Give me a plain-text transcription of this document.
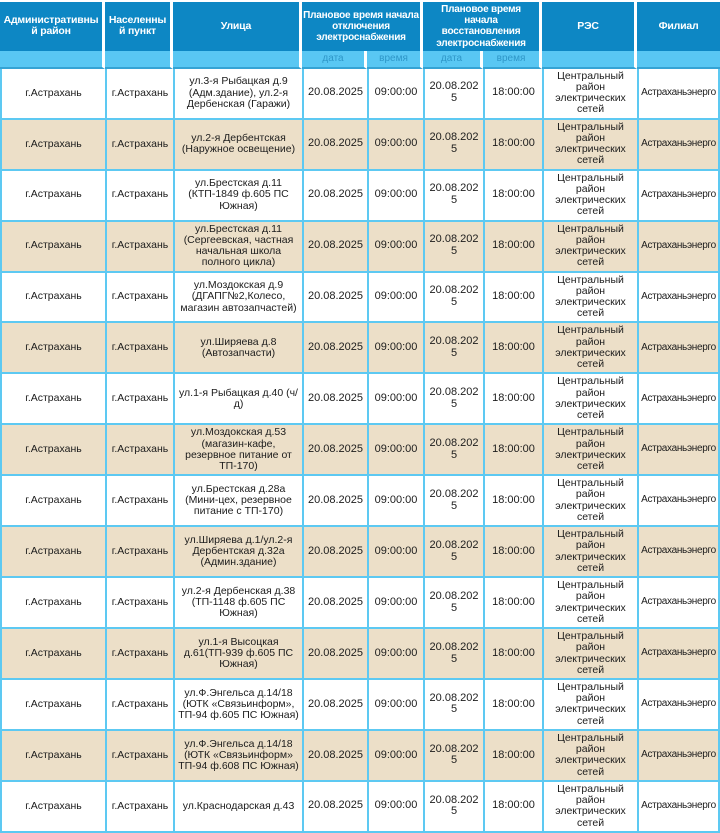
Административный район	Населенный пункт	Улица	Плановое время начала отключения электроснабжения		Плановое время начала восстановления электроснабжения		РЭС	Филиал
			дата	время	дата	время		
г.Астрахань	г.Астрахань	ул.3-я Рыбацкая д.9 (Адм.здание), ул.2-я Дербенская (Гаражи)	20.08.2025	09:00:00	20.08.2025	18:00:00	Центральный район электрических сетей	Астраханьэнерго
г.Астрахань	г.Астрахань	ул.2-я Дербентская (Наружное освещение)	20.08.2025	09:00:00	20.08.2025	18:00:00	Центральный район электрических сетей	Астраханьэнерго
г.Астрахань	г.Астрахань	ул.Брестская д.11 (КТП-1849 ф.605 ПС Южная)	20.08.2025	09:00:00	20.08.2025	18:00:00	Центральный район электрических сетей	Астраханьэнерго
г.Астрахань	г.Астрахань	ул.Брестская д.11 (Сергеевская, частная начальная школа полного цикла)	20.08.2025	09:00:00	20.08.2025	18:00:00	Центральный район электрических сетей	Астраханьэнерго
г.Астрахань	г.Астрахань	ул.Моздокская д.9 (ДГАПГ№2,Колесо, магазин автозапчастей)	20.08.2025	09:00:00	20.08.2025	18:00:00	Центральный район электрических сетей	Астраханьэнерго
г.Астрахань	г.Астрахань	ул.Ширяева д.8 (Автозапчасти)	20.08.2025	09:00:00	20.08.2025	18:00:00	Центральный район электрических сетей	Астраханьэнерго
г.Астрахань	г.Астрахань	ул.1-я Рыбацкая д.40 (ч/д)	20.08.2025	09:00:00	20.08.2025	18:00:00	Центральный район электрических сетей	Астраханьэнерго
г.Астрахань	г.Астрахань	ул.Моздокская д.53 (магазин-кафе, резервное питание от ТП-170)	20.08.2025	09:00:00	20.08.2025	18:00:00	Центральный район электрических сетей	Астраханьэнерго
г.Астрахань	г.Астрахань	ул.Брестская д.28а (Мини-цех, резервное питание с ТП-170)	20.08.2025	09:00:00	20.08.2025	18:00:00	Центральный район электрических сетей	Астраханьэнерго
г.Астрахань	г.Астрахань	ул.Ширяева д.1/ул.2-я Дербентская д.32а (Админ.здание)	20.08.2025	09:00:00	20.08.2025	18:00:00	Центральный район электрических сетей	Астраханьэнерго
г.Астрахань	г.Астрахань	ул.2-я Дербенская д.38 (ТП-1148 ф.605 ПС Южная)	20.08.2025	09:00:00	20.08.2025	18:00:00	Центральный район электрических сетей	Астраханьэнерго
г.Астрахань	г.Астрахань	ул.1-я Высоцкая д.61(ТП-939 ф.605 ПС Южная)	20.08.2025	09:00:00	20.08.2025	18:00:00	Центральный район электрических сетей	Астраханьэнерго
г.Астрахань	г.Астрахань	ул.Ф.Энгельса д.14/18 (ЮТК «Связьинформ», ТП-94 ф.605 ПС Южная)	20.08.2025	09:00:00	20.08.2025	18:00:00	Центральный район электрических сетей	Астраханьэнерго
г.Астрахань	г.Астрахань	ул.Ф.Энгельса д.14/18 (ЮТК «Связьинформ» ТП-94 ф.608 ПС Южная)	20.08.2025	09:00:00	20.08.2025	18:00:00	Центральный район электрических сетей	Астраханьэнерго
г.Астрахань	г.Астрахань	ул.Краснодарская д.43	20.08.2025	09:00:00	20.08.2025	18:00:00	Центральный район электрических сетей	Астраханьэнерго
